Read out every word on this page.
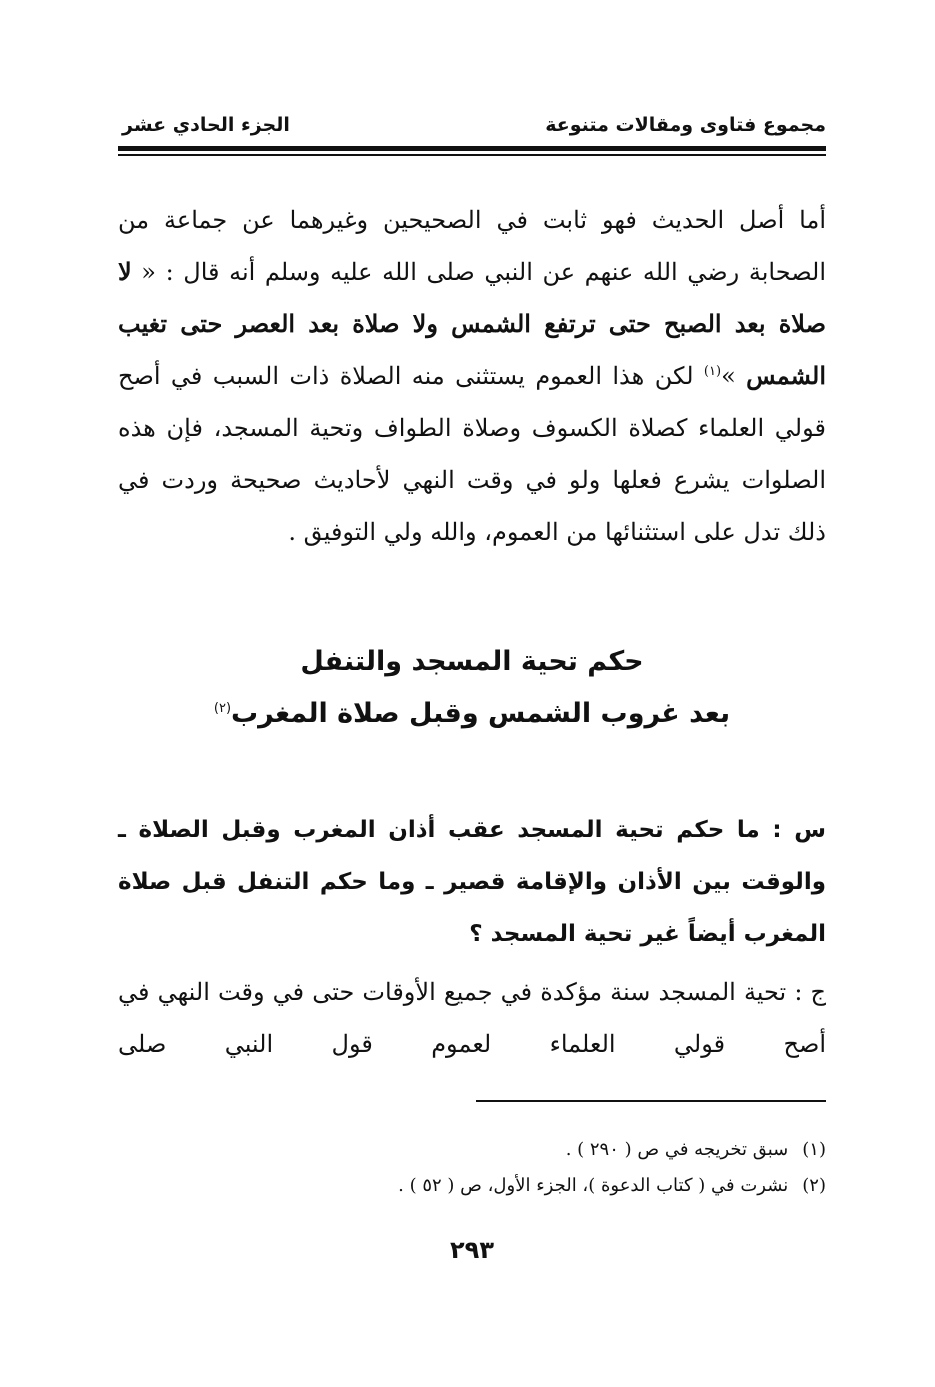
مجموع فتاوى ومقالات متنوعة
الجزء الحادي عشر
أما أصل الحديث فهو ثابت في الصحيحين وغيرهما عن جماعة من الصحابة رضي الله عنهم عن النبي صلى الله عليه وسلم أنه قال : « لا صلاة بعد الصبح حتى ترتفع الشمس ولا صلاة بعد العصر حتى تغيب الشمس »$^{(١)}$ لكن هذا العموم يستثنى منه الصلاة ذات السبب في أصح قولي العلماء كصلاة الكسوف وصلاة الطواف وتحية المسجد، فإن هذه الصلوات يشرع فعلها ولو في وقت النهي لأحاديث صحيحة وردت في ذلك تدل على استثنائها من العموم، والله ولي التوفيق .
حكم تحية المسجد والتنفل
بعد غروب الشمس وقبل صلاة المغرب$^{(٢)}$
س : ما حكم تحية المسجد عقب أذان المغرب وقبل الصلاة ـ والوقت بين الأذان والإقامة قصير ـ وما حكم التنفل قبل صلاة المغرب أيضاً غير تحية المسجد ؟
ج : تحية المسجد سنة مؤكدة في جميع الأوقات حتى في وقت النهي في أصح قولي العلماء لعموم قول النبي صلى
(١)سبق تخريجه في ص ( ٢٩٠ ) .
(٢)نشرت في ( كتاب الدعوة )، الجزء الأول، ص ( ٥٢ ) .
٢٩٣
